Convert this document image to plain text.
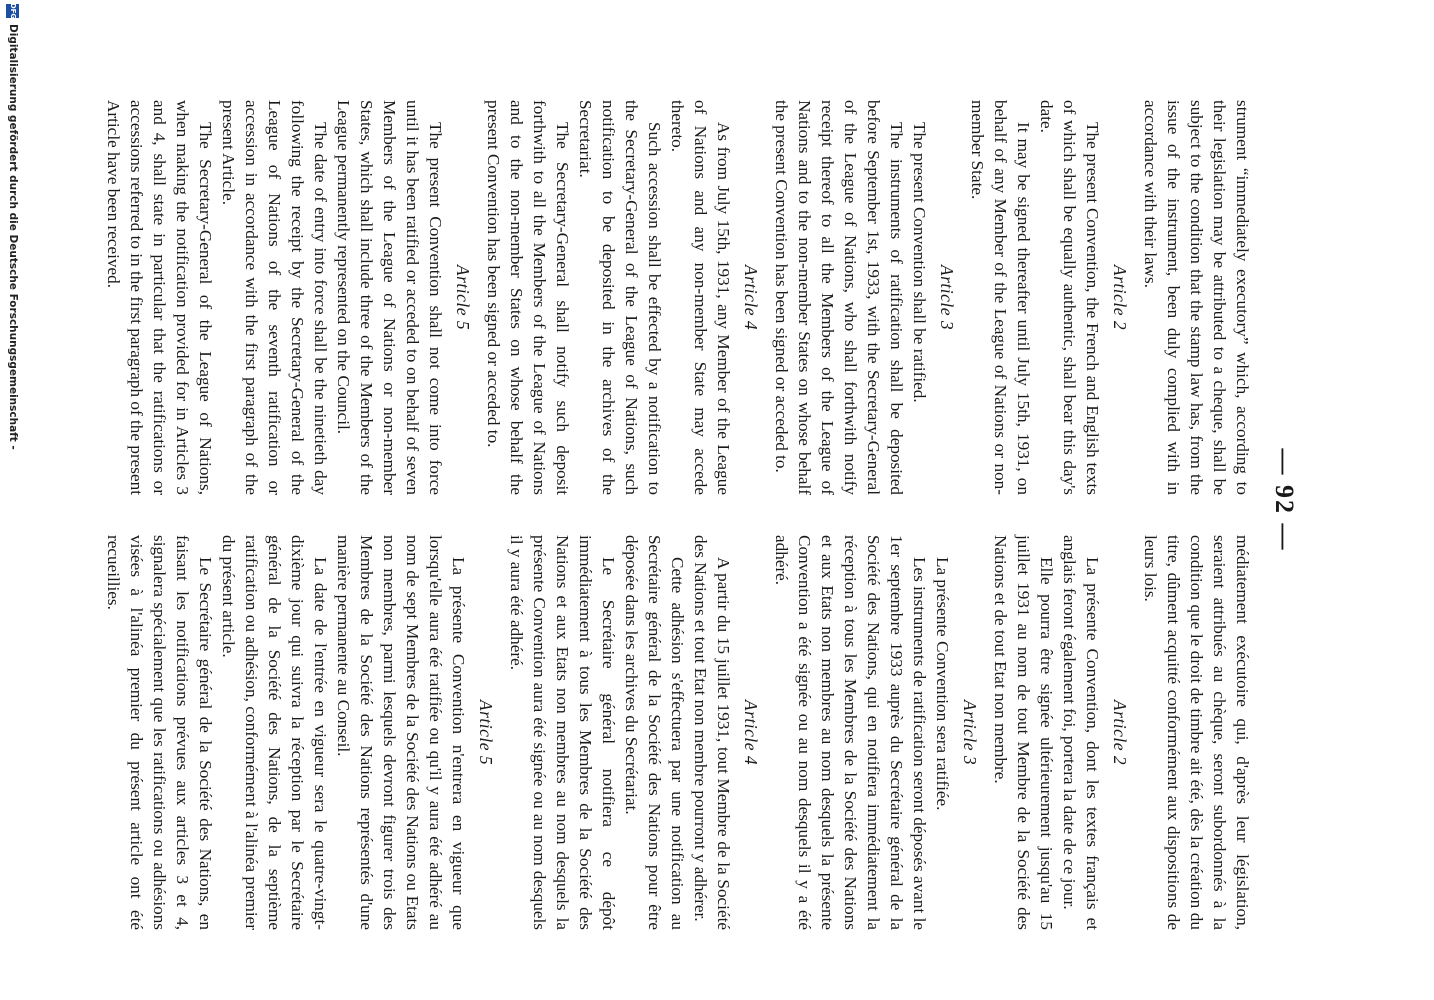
— 92 —

strument “immediately executory” which, according to their legislation may be attributed to a cheque, shall be subject to the condition that the stamp law has, from the issue of the instrument, been duly complied with in accordance with their laws.

Article 2

The present Convention, the French and English texts of which shall be equally authentic, shall bear this day's date.

It may be signed thereafter until July 15th, 1931, on behalf of any Member of the League of Nations or non-member State.

Article 3

The present Convention shall be ratified.

The instruments of ratification shall be deposited before September 1st, 1933, with the Secretary-General of the League of Nations, who shall forthwith notify receipt thereof to all the Members of the League of Nations and to the non-member States on whose behalf the present Convention has been signed or acceded to.

Article 4

As from July 15th, 1931, any Member of the League of Nations and any non-member State may accede thereto.

Such accession shall be effected by a notification to the Secretary-General of the League of Nations, such notification to be deposited in the archives of the Secretariat.

The Secretary-General shall notify such deposit forthwith to all the Members of the League of Nations and to the non-member States on whose behalf the present Convention has been signed or acceded to.

Article 5

The present Convention shall not come into force until it has been ratified or acceded to on behalf of seven Members of the League of Nations or non-member States, which shall include three of the Members of the League permanently represented on the Council.

The date of entry into force shall be the ninetieth day following the receipt by the Secretary-General of the League of Nations of the seventh ratification or accession in accordance with the first paragraph of the present Article.

The Secretary-General of the League of Nations, when making the notification provided for in Articles 3 and 4, shall state in particular that the ratifications or accessions referred to in the first paragraph of the present Article have been received.

médiatement exécutoire qui, d'après leur législation, seraient attribués au chèque, seront subordonnés à la condition que le droit de timbre ait été, dès la création du titre, dûment acquitté conformément aux dispositions de leurs lois.

Article 2

La présente Convention, dont les textes français et anglais feront également foi, portera la date de ce jour.

Elle pourra être signée ultérieurement jusqu'au 15 juillet 1931 au nom de tout Membre de la Société des Nations et de tout Etat non membre.

Article 3

La présente Convention sera ratifiée.

Les instruments de ratification seront déposés avant le 1er septembre 1933 auprès du Secrétaire général de la Société des Nations, qui en notifiera immédiatement la réception à tous les Membres de la Société des Nations et aux Etats non membres au nom desquels la présente Convention a été signée ou au nom desquels il y a été adhéré.

Article 4

A partir du 15 juillet 1931, tout Membre de la Société des Nations et tout Etat non membre pourront y adhérer.

Cette adhésion s'effectuera par une notification au Secrétaire général de la Société des Nations pour être déposée dans les archives du Secrétariat.

Le Secrétaire général notifiera ce dépôt immédiatement à tous les Membres de la Société des Nations et aux Etats non membres au nom desquels la présente Convention aura été signée ou au nom desquels il y aura été adhéré.

Article 5

La présente Convention n'entrera en vigueur que lorsqu'elle aura été ratifiée ou qu'il y aura été adhéré au nom de sept Membres de la Société des Nations ou Etats non membres, parmi lesquels devront figurer trois des Membres de la Société des Nations représentés d'une manière permanente au Conseil.

La date de l'entrée en vigueur sera le quatre-vingt-dixième jour qui suivra la réception par le Secrétaire général de la Société des Nations, de la septième ratification ou adhésion, conformément à l'alinéa premier du présent article.

Le Secrétaire général de la Société des Nations, en faisant les notifications prévues aux articles 3 et 4, signalera spécialement que les ratifications ou adhésions visées à l'alinéa premier du présent article ont été recueillies.

DFG
Digitalisierung gefördert durch die Deutsche Forschungsgemeinschaft -
